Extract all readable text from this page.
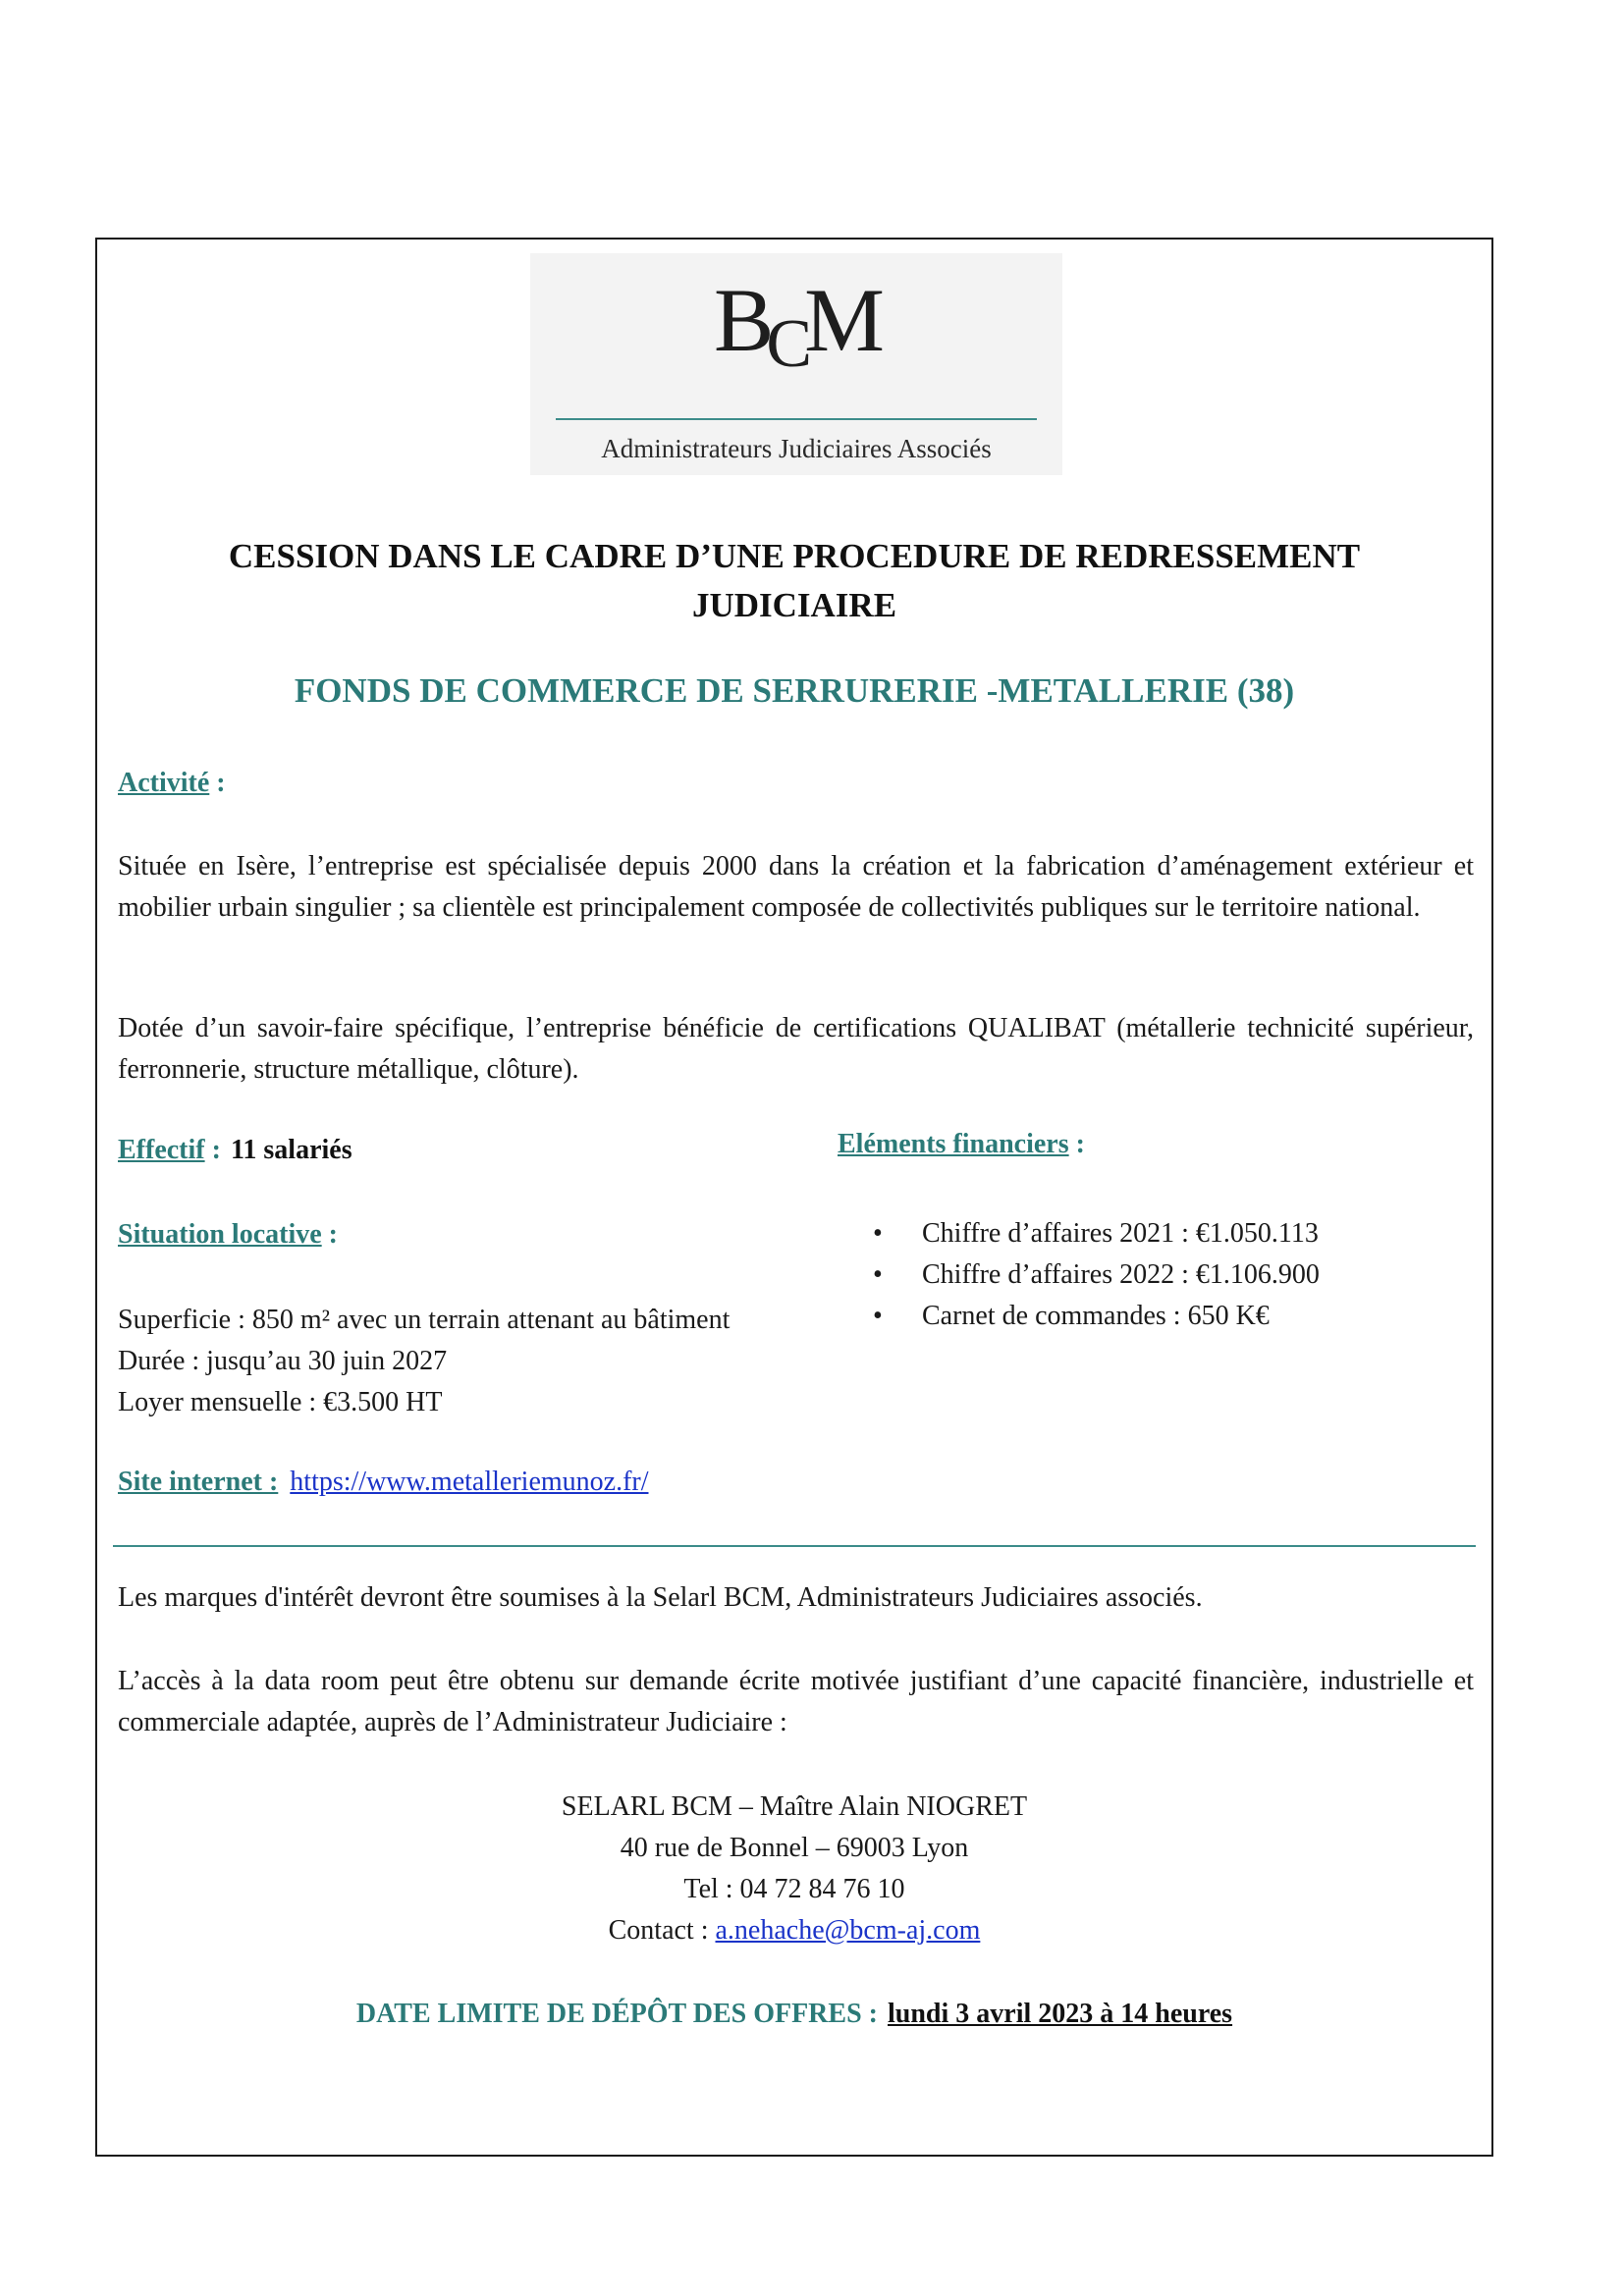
BCM
Administrateurs Judiciaires Associés
CESSION DANS LE CADRE D’UNE PROCEDURE DE REDRESSEMENT JUDICIAIRE
FONDS DE COMMERCE DE SERRURERIE -METALLERIE (38)
Activité :
Située en Isère, l’entreprise est spécialisée depuis 2000 dans la création et la fabrication d’aménagement extérieur et mobilier urbain singulier ; sa clientèle est principalement composée de collectivités publiques sur le territoire national.
Dotée d’un savoir-faire spécifique, l’entreprise bénéficie de certifications QUALIBAT (métallerie technicité supérieur, ferronnerie, structure métallique, clôture).
Effectif : 11 salariés
Situation locative :
Superficie : 850 m² avec un terrain attenant au bâtiment
Durée : jusqu’au 30 juin 2027
Loyer mensuelle : €3.500 HT
Site internet : https://www.metalleriemunoz.fr/
Eléments financiers :
• Chiffre d’affaires 2021 : €1.050.113
• Chiffre d’affaires 2022 : €1.106.900
• Carnet de commandes : 650 K€
Les marques d'intérêt devront être soumises à la Selarl BCM, Administrateurs Judiciaires associés.
L’accès à la data room peut être obtenu sur demande écrite motivée justifiant d’une capacité financière, industrielle et commerciale adaptée, auprès de l’Administrateur Judiciaire :
SELARL BCM – Maître Alain NIOGRET
40 rue de Bonnel – 69003 Lyon
Tel : 04 72 84 76 10
Contact : a.nehache@bcm-aj.com
DATE LIMITE DE DÉPÔT DES OFFRES : lundi 3 avril 2023 à 14 heures
